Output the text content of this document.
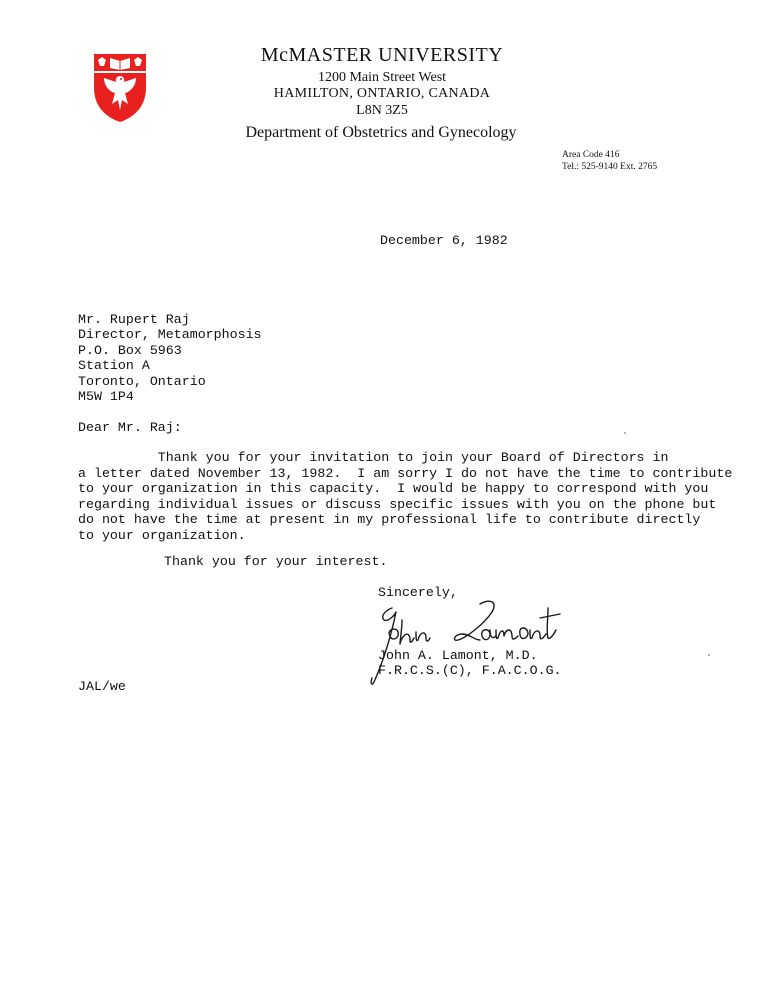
McMASTER UNIVERSITY
1200 Main Street West
HAMILTON, ONTARIO, CANADA
L8N 3Z5
Department of Obstetrics and Gynecology
Area Code 416
Tel.: 525-9140 Ext. 2765
December 6, 1982
Mr. Rupert Raj
Director, Metamorphosis
P.O. Box 5963
Station A
Toronto, Ontario
M5W 1P4
Dear Mr. Raj:
Thank you for your invitation to join your Board of Directors in
a letter dated November 13, 1982.  I am sorry I do not have the time to contribute
to your organization in this capacity.  I would be happy to correspond with you
regarding individual issues or discuss specific issues with you on the phone but
do not have the time at present in my professional life to contribute directly
to your organization.
Thank you for your interest.
Sincerely,
John A. Lamont, M.D.
F.R.C.S.(C), F.A.C.O.G.
JAL/we
